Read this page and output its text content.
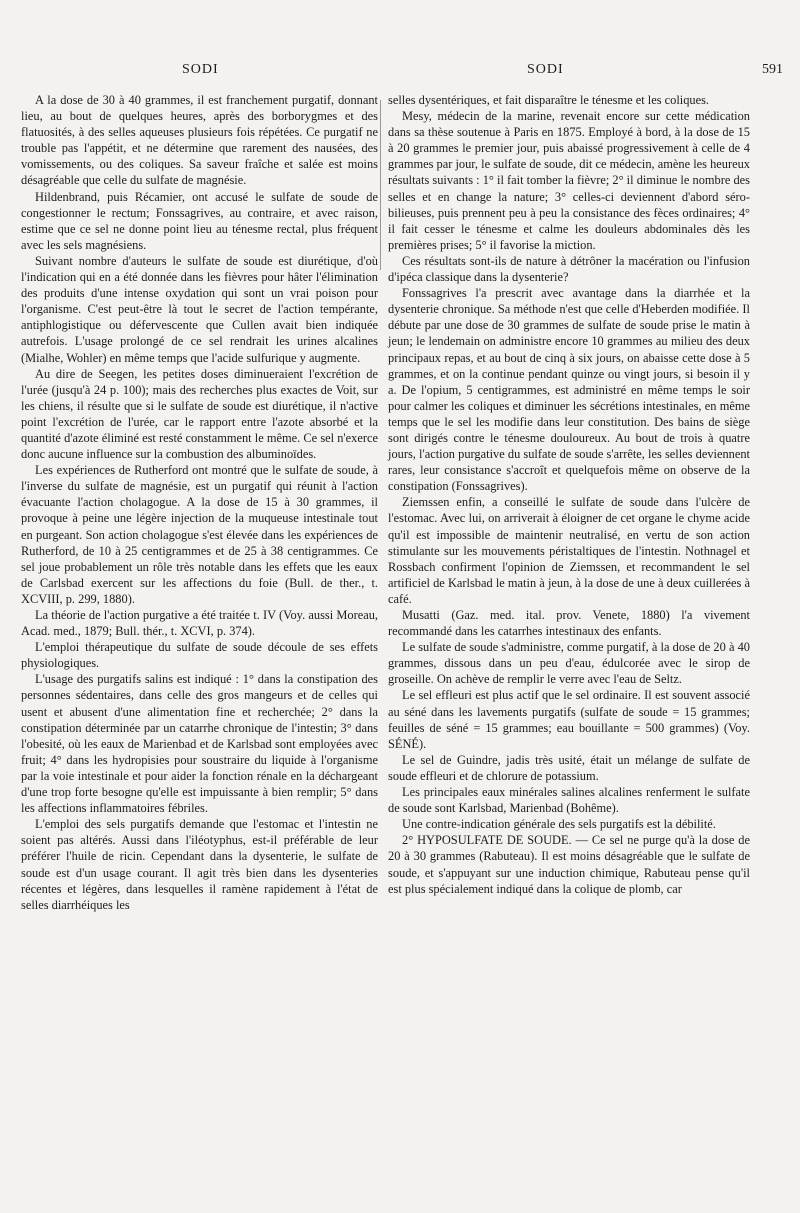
SODI	SODI	591

A la dose de 30 à 40 grammes, il est franchement purgatif, donnant lieu, au bout de quelques heures, après des borborygmes et des flatuosités, à des selles aqueuses plusieurs fois répétées. Ce purgatif ne trouble pas l'appétit, et ne détermine que rarement des nausées, des vomissements, ou des coliques. Sa saveur fraîche et salée est moins désagréable que celle du sulfate de magnésie.

Hildenbrand, puis Récamier, ont accusé le sulfate de soude de congestionner le rectum; Fonssagrives, au contraire, et avec raison, estime que ce sel ne donne point lieu au ténesme rectal, plus fréquent avec les sels magnésiens.

Suivant nombre d'auteurs le sulfate de soude est diurétique, d'où l'indication qui en a été donnée dans les fièvres pour hâter l'élimination des produits d'une intense oxydation qui sont un vrai poison pour l'organisme. C'est peut-être là tout le secret de l'action tempérante, antiphlogistique ou défervescente que Cullen avait bien indiquée autrefois. L'usage prolongé de ce sel rendrait les urines alcalines (Mialhe, Wohler) en même temps que l'acide sulfurique y augmente.

Au dire de Seegen, les petites doses diminueraient l'excrétion de l'urée (jusqu'à 24 p. 100); mais des recherches plus exactes de Voit, sur les chiens, il résulte que si le sulfate de soude est diurétique, il n'active point l'excrétion de l'urée, car le rapport entre l'azote absorbé et la quantité d'azote éliminé est resté constamment le même. Ce sel n'exerce donc aucune influence sur la combustion des albuminoïdes.

Les expériences de Rutherford ont montré que le sulfate de soude, à l'inverse du sulfate de magnésie, est un purgatif qui réunit à l'action évacuante l'action cholagogue. A la dose de 15 à 30 grammes, il provoque à peine une légère injection de la muqueuse intestinale tout en purgeant. Son action cholagogue s'est élevée dans les expériences de Rutherford, de 10 à 25 centigrammes et de 25 à 38 centigrammes. Ce sel joue probablement un rôle très notable dans les effets que les eaux de Carlsbad exercent sur les affections du foie (Bull. de ther., t. XCVIII, p. 299, 1880).

La théorie de l'action purgative a été traitée t. IV (Voy. aussi Moreau, Acad. med., 1879; Bull. thér., t. XCVI, p. 374).

L'emploi thérapeutique du sulfate de soude découle de ses effets physiologiques.

L'usage des purgatifs salins est indiqué : 1° dans la constipation des personnes sédentaires, dans celle des gros mangeurs et de celles qui usent et abusent d'une alimentation fine et recherchée; 2° dans la constipation déterminée par un catarrhe chronique de l'intestin; 3° dans l'obesité, où les eaux de Marienbad et de Karlsbad sont employées avec fruit; 4° dans les hydropisies pour soustraire du liquide à l'organisme par la voie intestinale et pour aider la fonction rénale en la déchargeant d'une trop forte besogne qu'elle est impuissante à bien remplir; 5° dans les affections inflammatoires fébriles.

L'emploi des sels purgatifs demande que l'estomac et l'intestin ne soient pas altérés. Aussi dans l'iléotyphus, est-il préférable de leur préférer l'huile de ricin. Cependant dans la dysenterie, le sulfate de soude est d'un usage courant. Il agit très bien dans les dysenteries récentes et légères, dans lesquelles il ramène rapidement à l'état de selles diarrhéiques les

selles dysentériques, et fait disparaître le ténesme et les coliques.

Mesy, médecin de la marine, revenait encore sur cette médication dans sa thèse soutenue à Paris en 1875. Employé à bord, à la dose de 15 à 20 grammes le premier jour, puis abaissé progressivement à celle de 4 grammes par jour, le sulfate de soude, dit ce médecin, amène les heureux résultats suivants : 1° il fait tomber la fièvre; 2° il diminue le nombre des selles et en change la nature; 3° celles-ci deviennent d'abord séro-bilieuses, puis prennent peu à peu la consistance des fèces ordinaires; 4° il fait cesser le ténesme et calme les douleurs abdominales dès les premières prises; 5° il favorise la miction.

Ces résultats sont-ils de nature à détrôner la macération ou l'infusion d'ipéca classique dans la dysenterie?

Fonssagrives l'a prescrit avec avantage dans la diarrhée et la dysenterie chronique. Sa méthode n'est que celle d'Heberden modifiée. Il débute par une dose de 30 grammes de sulfate de soude prise le matin à jeun; le lendemain on administre encore 10 grammes au milieu des deux principaux repas, et au bout de cinq à six jours, on abaisse cette dose à 5 grammes, et on la continue pendant quinze ou vingt jours, si besoin il y a. De l'opium, 5 centigrammes, est administré en même temps le soir pour calmer les coliques et diminuer les sécrétions intestinales, en même temps que le sel les modifie dans leur constitution. Des bains de siège sont dirigés contre le ténesme douloureux. Au bout de trois à quatre jours, l'action purgative du sulfate de soude s'arrête, les selles deviennent rares, leur consistance s'accroît et quelquefois même on observe de la constipation (Fonssagrives).

Ziemssen enfin, a conseillé le sulfate de soude dans l'ulcère de l'estomac. Avec lui, on arriverait à éloigner de cet organe le chyme acide qu'il est impossible de maintenir neutralisé, en vertu de son action stimulante sur les mouvements péristaltiques de l'intestin. Nothnagel et Rossbach confirment l'opinion de Ziemssen, et recommandent le sel artificiel de Karlsbad le matin à jeun, à la dose de une à deux cuillerées à café.

Musatti (Gaz. med. ital. prov. Venete, 1880) l'a vivement recommandé dans les catarrhes intestinaux des enfants.

Le sulfate de soude s'administre, comme purgatif, à la dose de 20 à 40 grammes, dissous dans un peu d'eau, édulcorée avec le sirop de groseille. On achève de remplir le verre avec l'eau de Seltz.

Le sel effleuri est plus actif que le sel ordinaire. Il est souvent associé au séné dans les lavements purgatifs (sulfate de soude = 15 grammes; feuilles de séné = 15 grammes; eau bouillante = 500 grammes) (Voy. SÉNÉ).

Le sel de Guindre, jadis très usité, était un mélange de sulfate de soude effleuri et de chlorure de potassium.

Les principales eaux minérales salines alcalines renferment le sulfate de soude sont Karlsbad, Marienbad (Bohême).

Une contre-indication générale des sels purgatifs est la débilité.

2° HYPOSULFATE DE SOUDE. — Ce sel ne purge qu'à la dose de 20 à 30 grammes (Rabuteau). Il est moins désagréable que le sulfate de soude, et s'appuyant sur une induction chimique, Rabuteau pense qu'il est plus spécialement indiqué dans la colique de plomb, car
